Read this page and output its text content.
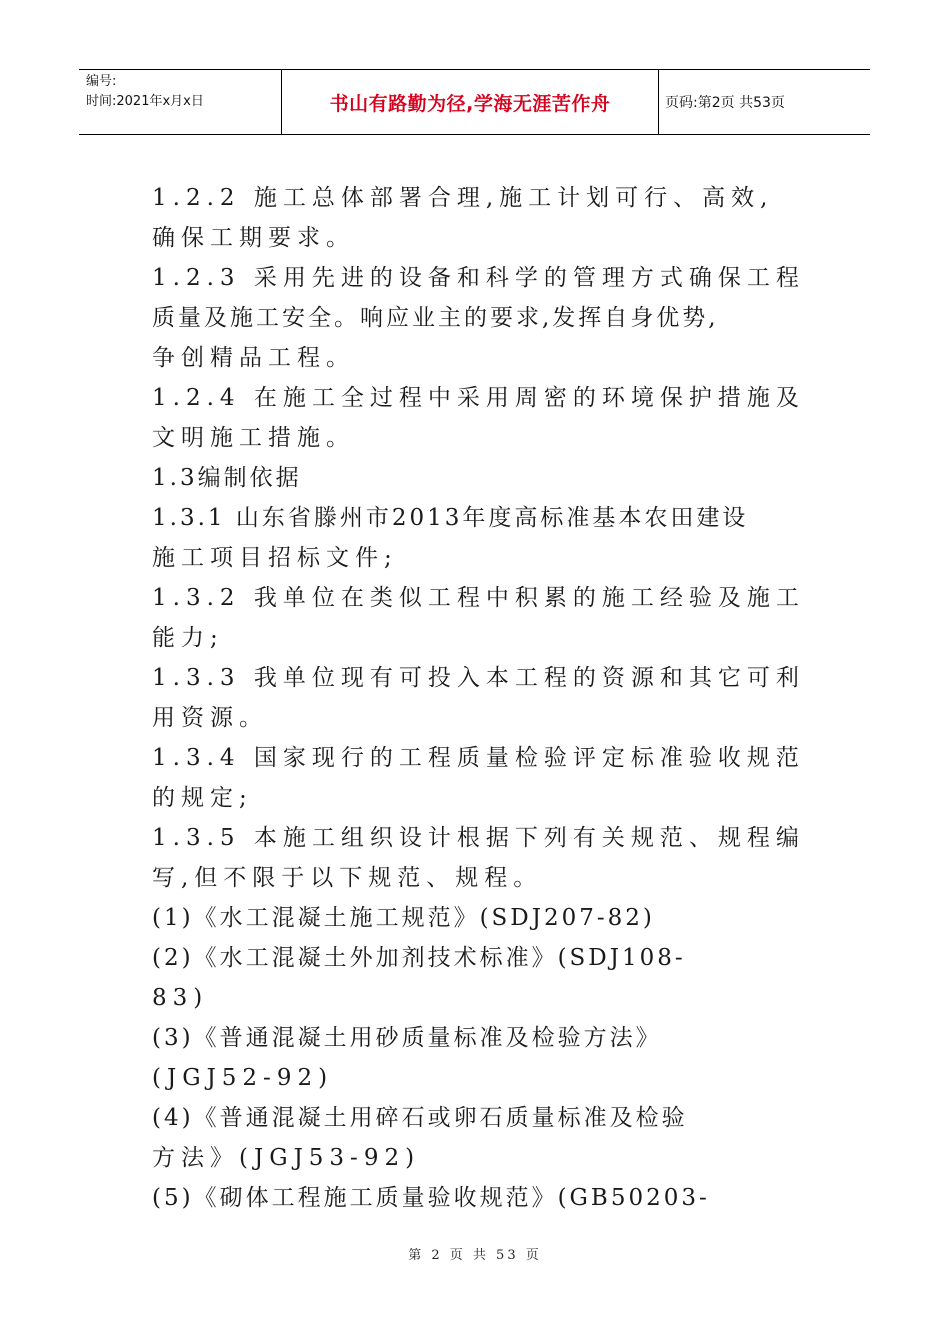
编号:
时间:2021年x月x日	书山有路勤为径,学海无涯苦作舟	页码:第2页 共53页
1.2.2 施工总体部署合理,施工计划可行、高效,
确保工期要求。
1.2.3 采用先进的设备和科学的管理方式确保工程
质量及施工安全。响应业主的要求,发挥自身优势,
争创精品工程。
1.2.4 在施工全过程中采用周密的环境保护措施及
文明施工措施。
1.3编制依据
1.3.1 山东省滕州市2013年度高标准基本农田建设
施工项目招标文件;
1.3.2 我单位在类似工程中积累的施工经验及施工
能力;
1.3.3 我单位现有可投入本工程的资源和其它可利
用资源。
1.3.4 国家现行的工程质量检验评定标准验收规范
的规定;
1.3.5 本施工组织设计根据下列有关规范、规程编
写,但不限于以下规范、规程。
(1)《水工混凝土施工规范》(SDJ207-82)
(2)《水工混凝土外加剂技术标准》(SDJ108-
83)
(3)《普通混凝土用砂质量标准及检验方法》
(JGJ52-92)
(4)《普通混凝土用碎石或卵石质量标准及检验
方法》(JGJ53-92)
(5)《砌体工程施工质量验收规范》(GB50203-
第 2 页 共 53 页
